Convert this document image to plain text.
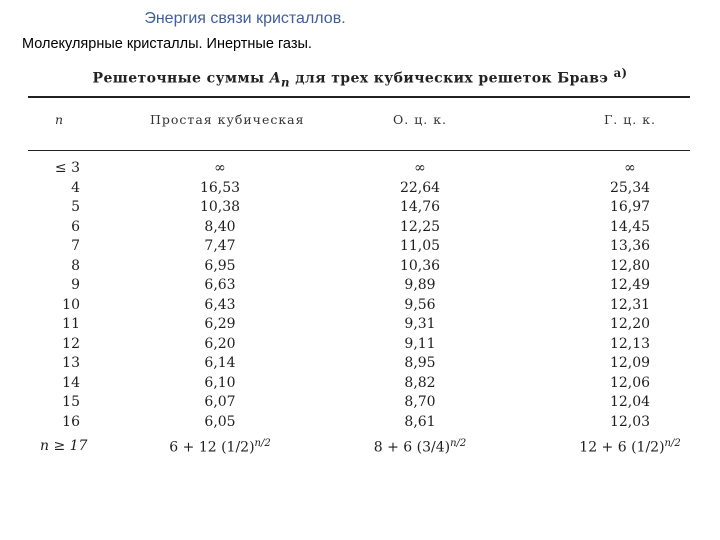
Энергия связи кристаллов.
Молекулярные кристаллы. Инертные газы.
Решеточные суммы $A_n$ для трех кубических решеток Бравэ $^{а)}$
n	Простая кубическая	О. ц. к.	Г. ц. к.
≤ 3	∞	∞	∞
4	16,53	22,64	25,34
5	10,38	14,76	16,97
6	8,40	12,25	14,45
7	7,47	11,05	13,36
8	6,95	10,36	12,80
9	6,63	9,89	12,49
10	6,43	9,56	12,31
11	6,29	9,31	12,20
12	6,20	9,11	12,13
13	6,14	8,95	12,09
14	6,10	8,82	12,06
15	6,07	8,70	12,04
16	6,05	8,61	12,03
n ≥ 17	6 + 12 $(1/2)^{n/2}$	8 + 6 $(3/4)^{n/2}$	12 + 6 $(1/2)^{n/2}$
